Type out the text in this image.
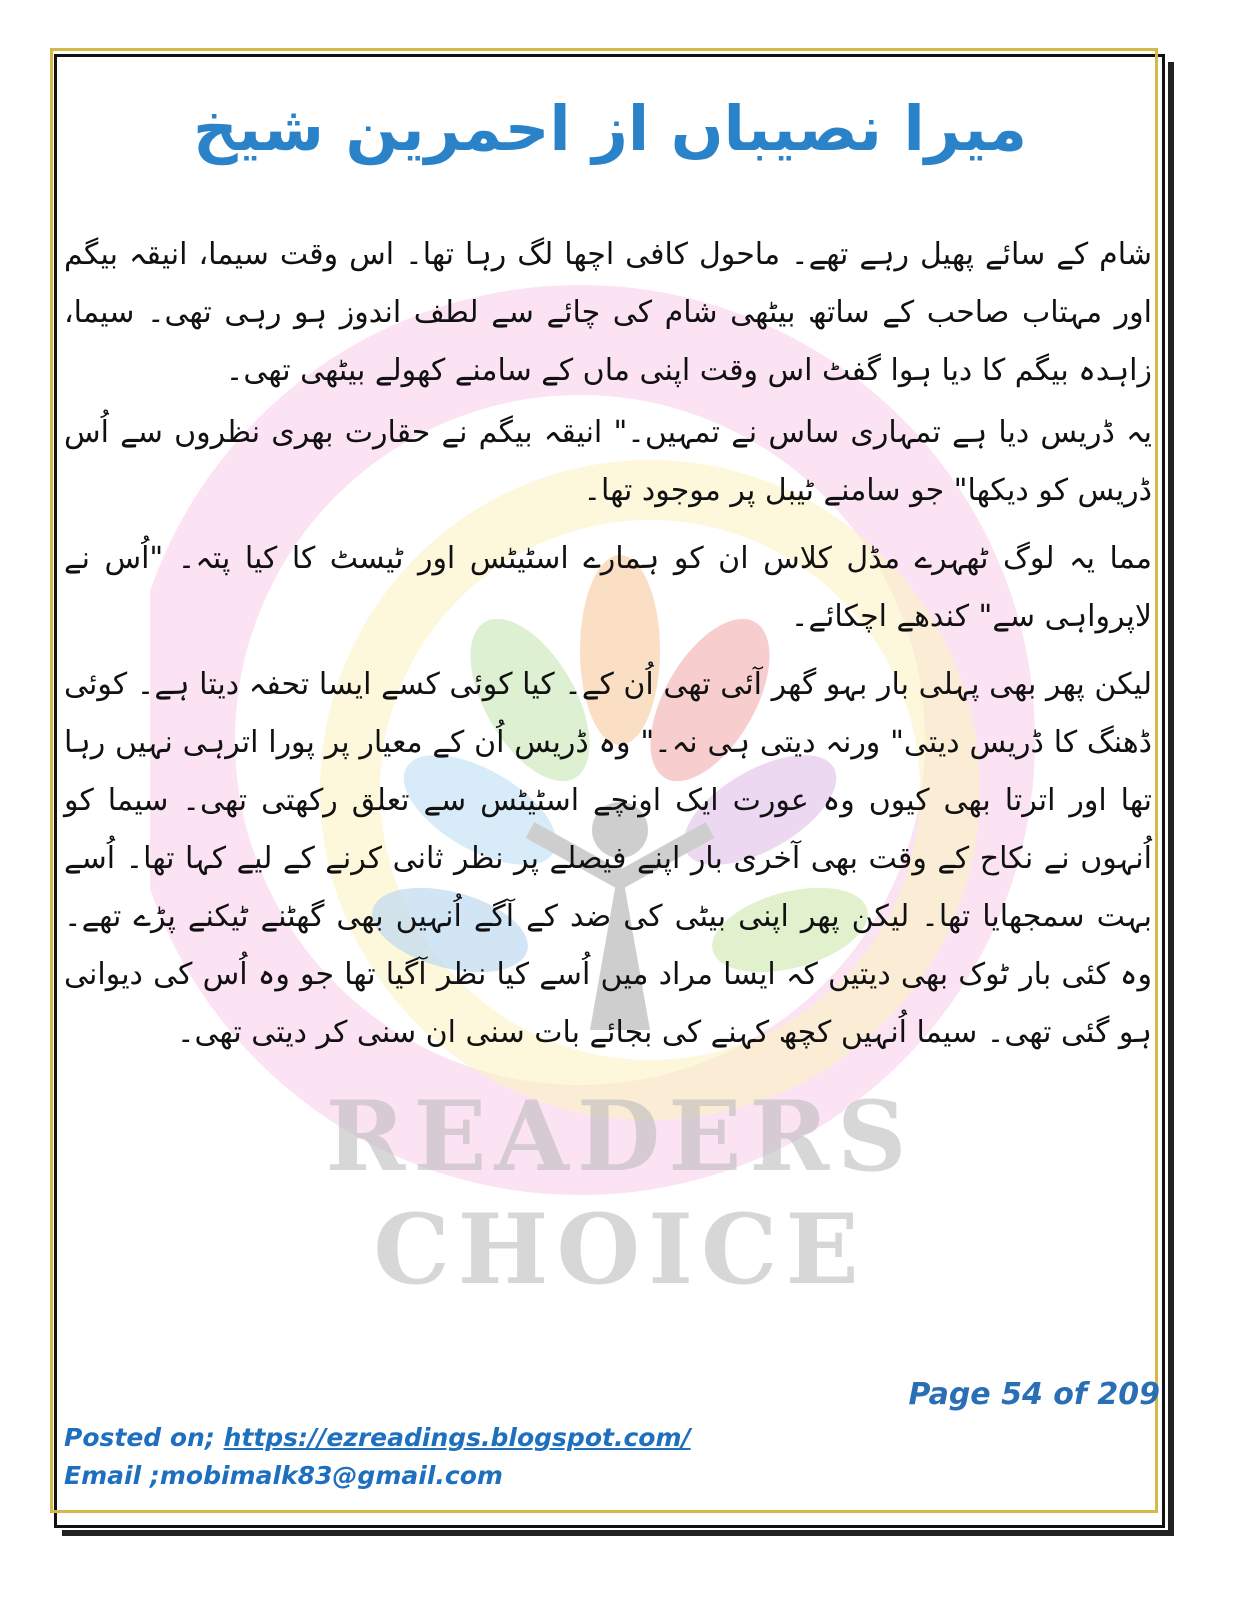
READERS CHOICE
میرا نصیباں از احمرین شیخ

شام کے سائے پھیل رہے تھے۔ ماحول کافی اچھا لگ رہا تھا۔ اس وقت سیما، انیقہ بیگم اور مہتاب صاحب کے ساتھ بیٹھی شام کی چائے سے لطف اندوز ہو رہی تھی۔ سیما، زاہدہ بیگم کا دیا ہوا گفٹ اس وقت اپنی ماں کے سامنے کھولے بیٹھی تھی۔

یہ ڈریس دیا ہے تمہاری ساس نے تمہیں۔" انیقہ بیگم نے حقارت بھری نظروں سے اُس ڈریس کو دیکھا" جو سامنے ٹیبل پر موجود تھا۔

مما یہ لوگ ٹھہرے مڈل کلاس ان کو ہمارے اسٹیٹس اور ٹیسٹ کا کیا پتہ۔ "اُس نے لاپرواہی سے" کندھے اچکائے۔

لیکن پھر بھی پہلی بار بہو گھر آئی تھی اُن کے۔ کیا کوئی کسے ایسا تحفہ دیتا ہے۔ کوئی ڈھنگ کا ڈریس دیتی" ورنہ دیتی ہی نہ۔" وہ ڈریس اُن کے معیار پر پورا اترہی نہیں رہا تھا اور اترتا بھی کیوں وہ عورت ایک اونچے اسٹیٹس سے تعلق رکھتی تھی۔ سیما کو اُنہوں نے نکاح کے وقت بھی آخری بار اپنے فیصلے پر نظر ثانی کرنے کے لیے کہا تھا۔ اُسے بہت سمجھایا تھا۔ لیکن پھر اپنی بیٹی کی ضد کے آگے اُنہیں بھی گھٹنے ٹیکنے پڑے تھے۔ وہ کئی بار ٹوک بھی دیتیں کہ ایسا مراد میں اُسے کیا نظر آگیا تھا جو وہ اُس کی دیوانی ہو گئی تھی۔ سیما اُنہیں کچھ کہنے کی بجائے بات سنی ان سنی کر دیتی تھی۔

Page 54 of 209
Posted on; https://ezreadings.blogspot.com/
Email ;mobimalk83@gmail.com
